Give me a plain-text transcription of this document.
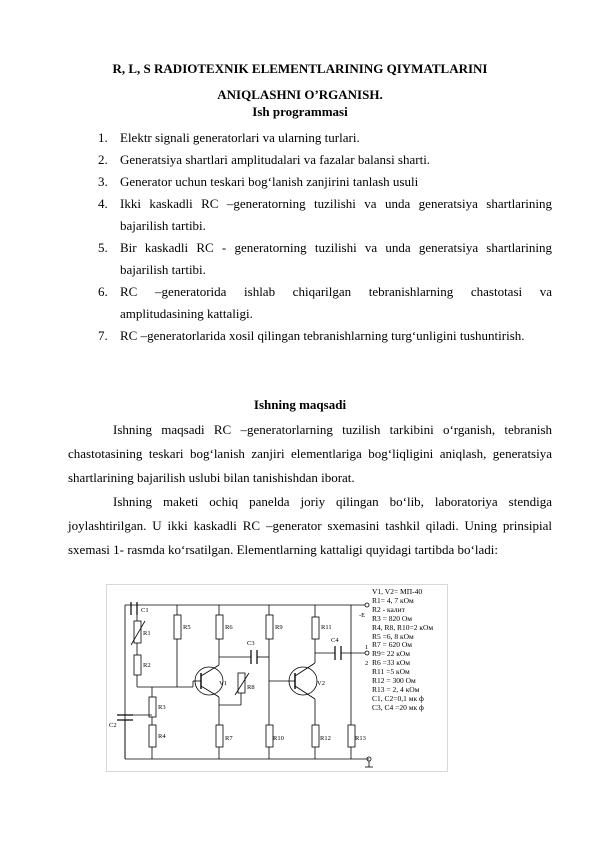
R, L, S RADIOTEXNIK ELEMENTLARINING QIYMATLARINI
ANIQLASHNI O’RGANISH.
Ish programmasi
1. Elektr signali generatorlari va ularning turlari.
2. Generatsiya shartlari amplitudalari va fazalar balansi sharti.
3. Generator uchun teskari bog‘lanish zanjirini tanlash usuli
4. Ikki kaskadli RC –generatorning tuzilishi va unda generatsiya shartlarining bajarilish tartibi.
5. Bir kaskadli RC - generatorning tuzilishi va unda generatsiya shartlarining bajarilish tartibi.
6. RC –generatorida ishlab chiqarilgan tebranishlarning chastotasi va amplitudasining kattaligi.
7. RC –generatorlarida xosil qilingan tebranishlarning turg‘unligini tushuntirish.
Ishning maqsadi

Ishning maqsadi RC –generatorlarning tuzilish tarkibini o‘rganish, tebranish chastotasining teskari bog‘lanish zanjiri elementlariga bog‘liqligini aniqlash, generatsiya shartlarining bajarilish uslubi bilan tanishishdan iborat.

Ishning maketi ochiq panelda joriy qilingan bo‘lib, laboratoriya stendiga joylashtirilgan. U ikki kaskadli RC –generator sxemasini tashkil qiladi. Uning prinsipial sxemasi 1- rasmda ko‘rsatilgan. Elementlarning kattaligi quyidagi tartibda bo‘ladi:

C1
R1
R2
C2
R3
R4
R5	R6
R7
R8
C3
V1
R9
R10
R11
C4
V2
R12	R13
-E
1
2
V1, V2= MП-40
R1= 4, 7 кОм
R2 - калит
R3 = 820 Ом
R4, R8, R10=2 кОм
R5 =6, 8 кОм
R7 = 620 Ом
R9= 22 кОм
R6 =33 кОм
R11 =5 кОм
R12 = 300 Ом
R13 = 2, 4 кОм
C1, C2=0,1 мк ф
C3, C4 =20 мк ф
